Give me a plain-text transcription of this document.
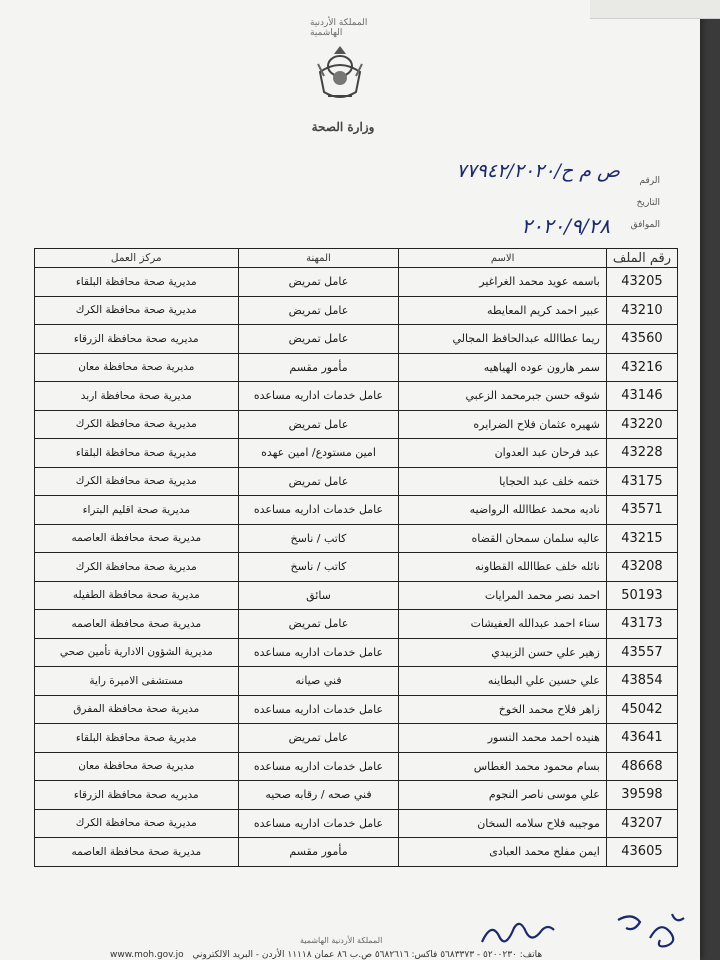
المملكة الأردنية الهاشمية
وزارة الصحة
الرقم
ص م ح/٧٧٩٤٢/٢٠٢٠
التاريخ
الموافق
٢٠٢٠/٩/٢٨
رقم الملف	الاسم	المهنة	مركز العمل
43205	باسمه عويد محمد الغراغير	عامل تمريض	مديرية صحة محافظة البلقاء
43210	عبير احمد كريم المعايطه	عامل تمريض	مديرية صحة محافظة الكرك
43560	ريما عطاالله عبدالحافظ المجالي	عامل تمريض	مديريه صحة محافظة الزرقاء
43216	سمر هارون عوده الهياهيه	مأمور مقسم	مديرية صحة محافظة معان
43146	شوقه حسن جبرمحمد الزعبي	عامل خدمات اداريه مساعده	مديرية صحة محافظة اربد
43220	شهيره عثمان فلاح الضرايره	عامل تمريض	مديرية صحة محافظة الكرك
43228	عبد فرحان عبد العدوان	امين مستودع/ امين عهده	مديرية صحة محافظة البلقاء
43175	ختمه خلف عبد الحجايا	عامل تمريض	مديرية صحة محافظة الكرك
43571	ناديه محمد عطاالله الرواضيه	عامل خدمات اداريه مساعده	مديرية صحة اقليم البتراء
43215	عاليه سلمان سمحان القضاه	كاتب / ناسخ	مديرية صحة محافظة العاصمه
43208	نائله خلف عطاالله القطاونه	كاتب / ناسخ	مديرية صحة محافظة الكرك
50193	احمد نصر محمد المرايات	سائق	مديرية صحة محافظة الطفيله
43173	سناء احمد عبدالله العفيشات	عامل تمريض	مديرية صحة محافظة العاصمه
43557	زهير علي حسن الزبيدي	عامل خدمات اداريه مساعده	مديرية الشؤون الادارية تأمين صحي
43854	علي حسين علي البطاينه	فني صيانه	مستشفى الاميرة راية
45042	زاهر فلاح محمد الخوخ	عامل خدمات اداريه مساعده	مديرية صحة محافظة المفرق
43641	هنيده احمد محمد النسور	عامل تمريض	مديرية صحة محافظة البلقاء
48668	بسام محمود محمد الغطاس	عامل خدمات اداريه مساعده	مديرية صحة محافظة معان
39598	علي موسى ناصر النجوم	فني صحه / رقابه صحيه	مديريه صحة محافظة الزرقاء
43207	موجيبه فلاح سلامه السخان	عامل خدمات اداريه مساعده	مديرية صحة محافظة الكرك
43605	ايمن مفلح محمد العبادى	مأمور مقسم	مديرية صحة محافظة العاصمه
المملكة الأردنية الهاشمية
www.moh.gov.jo هاتف: ٥٢٠٠٢٣٠ - ٥٦٨٣٣٧٣ فاكس: ٥٦٨٢٦١٦ ص.ب ٨٦ عمان ١١١١٨ الأردن - البريد الالكتروني
